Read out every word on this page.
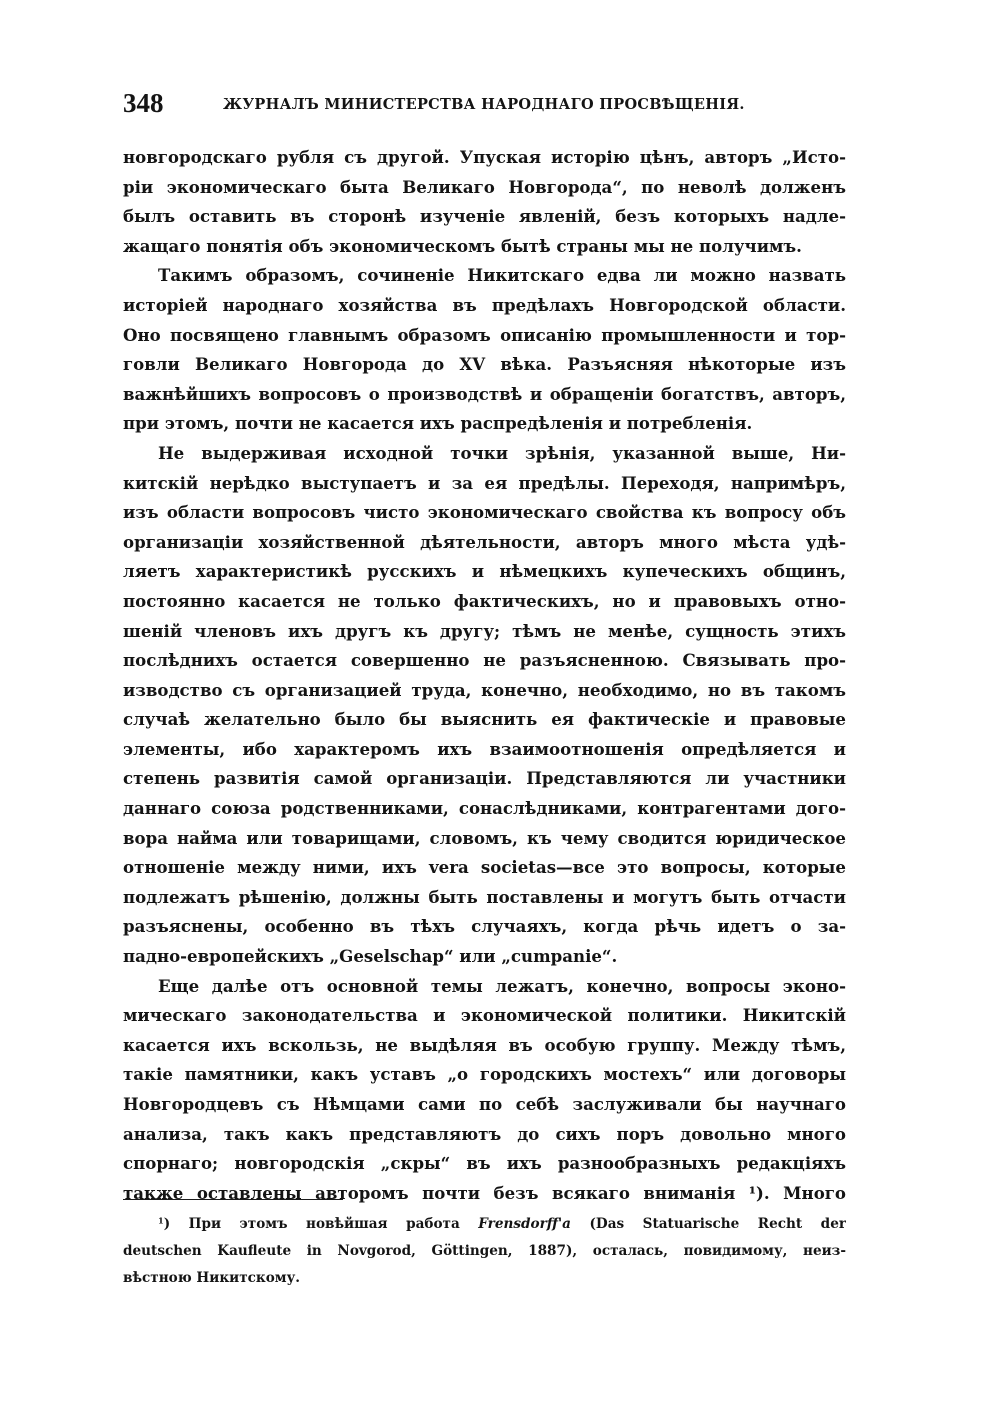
348	ЖУРНАЛЪ МИНИСТЕРСТВА НАРОДНАГО ПРОСВѢЩЕНІЯ.
новгородскаго рубля съ другой. Упуская исторію цѣнъ, авторъ „Исто-
ріи экономическаго быта Великаго Новгорода“, по неволѣ долженъ
былъ оставить въ сторонѣ изученіе явленій, безъ которыхъ надле-
жащаго понятія объ экономическомъ бытѣ страны мы не получимъ.
Такимъ образомъ, сочиненіе Никитскаго едва ли можно назвать
исторіей народнаго хозяйства въ предѣлахъ Новгородской области.
Оно посвящено главнымъ образомъ описанію промышленности и тор-
говли Великаго Новгорода до XV вѣка. Разъясняя нѣкоторые изъ
важнѣйшихъ вопросовъ о производствѣ и обращеніи богатствъ, авторъ,
при этомъ, почти не касается ихъ распредѣленія и потребленія.
Не выдерживая исходной точки зрѣнія, указанной выше, Ни-
китскій нерѣдко выступаетъ и за ея предѣлы. Переходя, напримѣръ,
изъ области вопросовъ чисто экономическаго свойства къ вопросу объ
организаціи хозяйственной дѣятельности, авторъ много мѣста удѣ-
ляетъ характеристикѣ русскихъ и нѣмецкихъ купеческихъ общинъ,
постоянно касается не только фактическихъ, но и правовыхъ отно-
шеній членовъ ихъ другъ къ другу; тѣмъ не менѣе, сущность этихъ
послѣднихъ остается совершенно не разъясненною. Связывать про-
изводство съ организацией труда, конечно, необходимо, но въ такомъ
случаѣ желательно было бы выяснить ея фактическіе и правовые
элементы, ибо характеромъ ихъ взаимоотношенія опредѣляется и
степень развитія самой организаціи. Представляются ли участники
даннаго союза родственниками, сонаслѣдниками, контрагентами дого-
вора найма или товарищами, словомъ, къ чему сводится юридическое
отношеніе между ними, ихъ vera societas—все это вопросы, которые
подлежатъ рѣшенію, должны быть поставлены и могутъ быть отчасти
разъяснены, особенно въ тѣхъ случаяхъ, когда рѣчь идетъ о за-
падно-европейскихъ „Geselschap“ или „cumpanie“.
Еще далѣе отъ основной темы лежатъ, конечно, вопросы эконо-
мическаго законодательства и экономической политики. Никитскій
касается ихъ вскользь, не выдѣляя въ особую группу. Между тѣмъ,
такіе памятники, какъ уставъ „о городскихъ мостехъ“ или договоры
Новгородцевъ съ Нѣмцами сами по себѣ заслуживали бы научнаго
анализа, такъ какъ представляютъ до сихъ поръ довольно много
спорнаго; новгородскія „скры“ въ ихъ разнообразныхъ редакціяхъ
также оставлены авторомъ почти безъ всякаго вниманія ¹). Много
$^1$) При этомъ новѣйшая работа Frensdorff'a (Das Statuarische Recht der
deutschen Kaufleute in Novgorod, Göttingen, 1887), осталась, повидимому, неиз-
вѣстною Никитскому.
